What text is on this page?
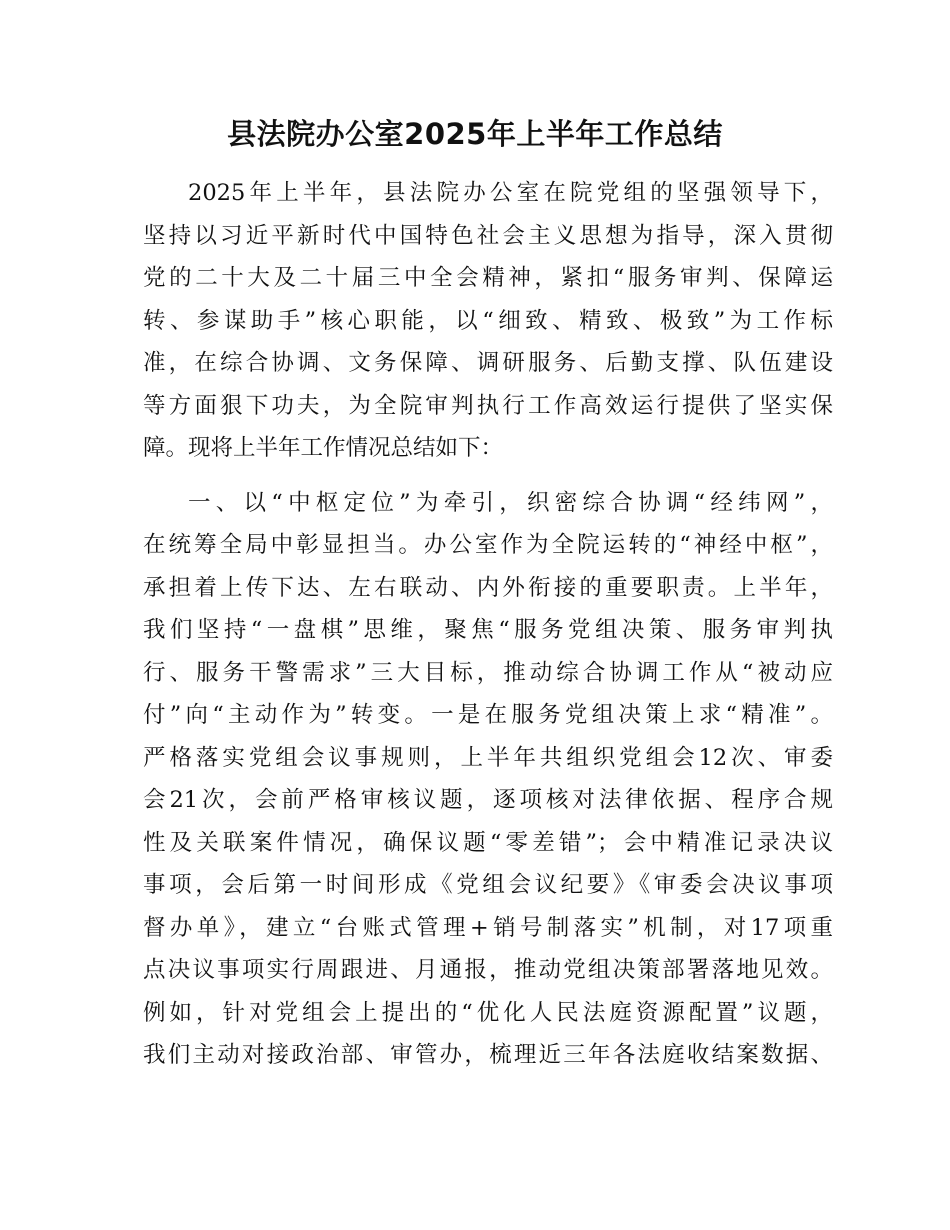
县法院办公室2025年上半年工作总结
2025年上半年，县法院办公室在院党组的坚强领导下，
坚持以习近平新时代中国特色社会主义思想为指导，深入贯彻
党的二十大及二十届三中全会精神，紧扣“服务审判、保障运
转、参谋助手”核心职能，以“细致、精致、极致”为工作标
准，在综合协调、文务保障、调研服务、后勤支撑、队伍建设
等方面狠下功夫，为全院审判执行工作高效运行提供了坚实保
障。现将上半年工作情况总结如下：
一、以“中枢定位”为牵引，织密综合协调“经纬网”，
在统筹全局中彰显担当。办公室作为全院运转的“神经中枢”，
承担着上传下达、左右联动、内外衔接的重要职责。上半年，
我们坚持“一盘棋”思维，聚焦“服务党组决策、服务审判执
行、服务干警需求”三大目标，推动综合协调工作从“被动应
付”向“主动作为”转变。一是在服务党组决策上求“精准”。
严格落实党组会议事规则，上半年共组织党组会12次、审委
会21次，会前严格审核议题，逐项核对法律依据、程序合规
性及关联案件情况，确保议题“零差错”；会中精准记录决议
事项，会后第一时间形成《党组会议纪要》《审委会决议事项
督办单》，建立“台账式管理+销号制落实”机制，对17项重
点决议事项实行周跟进、月通报，推动党组决策部署落地见效。
例如，针对党组会上提出的“优化人民法庭资源配置”议题，
我们主动对接政治部、审管办，梳理近三年各法庭收结案数据、
